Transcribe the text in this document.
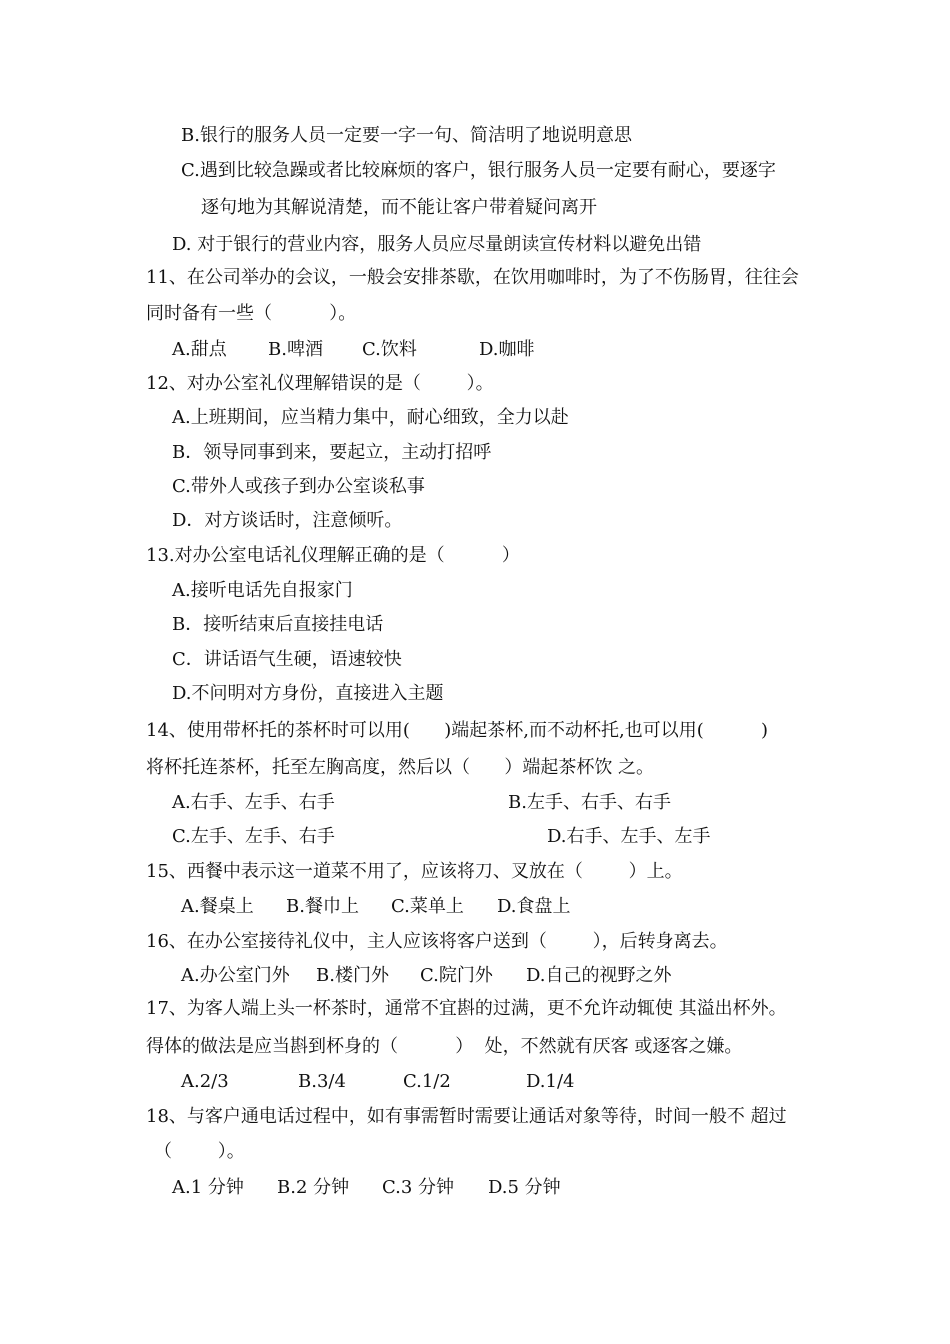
B.银行的服务人员一定要一字一句、简洁明了地说明意思
C.遇到比较急躁或者比较麻烦的客户，银行服务人员一定要有耐心，要逐字
逐句地为其解说清楚，而不能让客户带着疑问离开
D. 对于银行的营业内容，服务人员应尽量朗读宣传材料以避免出错
11、在公司举办的会议，一般会安排茶歇，在饮用咖啡时，为了不伤肠胃，往往会
同时备有一些（          ）。
A.甜点 B.啤酒 C.饮料	D.咖啡
12、对办公室礼仪理解错误的是（        ）。
A.上班期间，应当精力集中，耐心细致，全力以赴
B．领导同事到来，要起立，主动打招呼
C.带外人或孩子到办公室谈私事
D．对方谈话时，注意倾听。
13.对办公室电话礼仪理解正确的是（          ）
A.接听电话先自报家门
B．接听结束后直接挂电话
C．讲话语气生硬，语速较快
D.不问明对方身份，直接进入主题
14、使用带杯托的茶杯时可以用(      )端起茶杯,而不动杯托,也可以用(          )
将杯托连茶杯，托至左胸高度，然后以（      ）端起茶杯饮 之。
A.右手、左手、右手	B.左手、右手、右手
C.左手、左手、右手	D.右手、左手、左手
15、西餐中表示这一道菜不用了，应该将刀、叉放在（        ）上。
A.餐桌上 B.餐巾上 C.菜单上 D.食盘上
16、在办公室接待礼仪中，主人应该将客户送到（        ），后转身离去。
A.办公室门外 B.楼门外 C.院门外 D.自己的视野之外
17、为客人端上头一杯茶时，通常不宜斟的过满，更不允许动辄使 其溢出杯外。
得体的做法是应当斟到杯身的（          ）  处，不然就有厌客 或逐客之嫌。
A.2/3	B.3/4	C.1/2	D.1/4
18、与客户通电话过程中，如有事需暂时需要让通话对象等待，时间一般不 超过
（        ）。
A.1 分钟 B.2 分钟 C.3 分钟 D.5 分钟
